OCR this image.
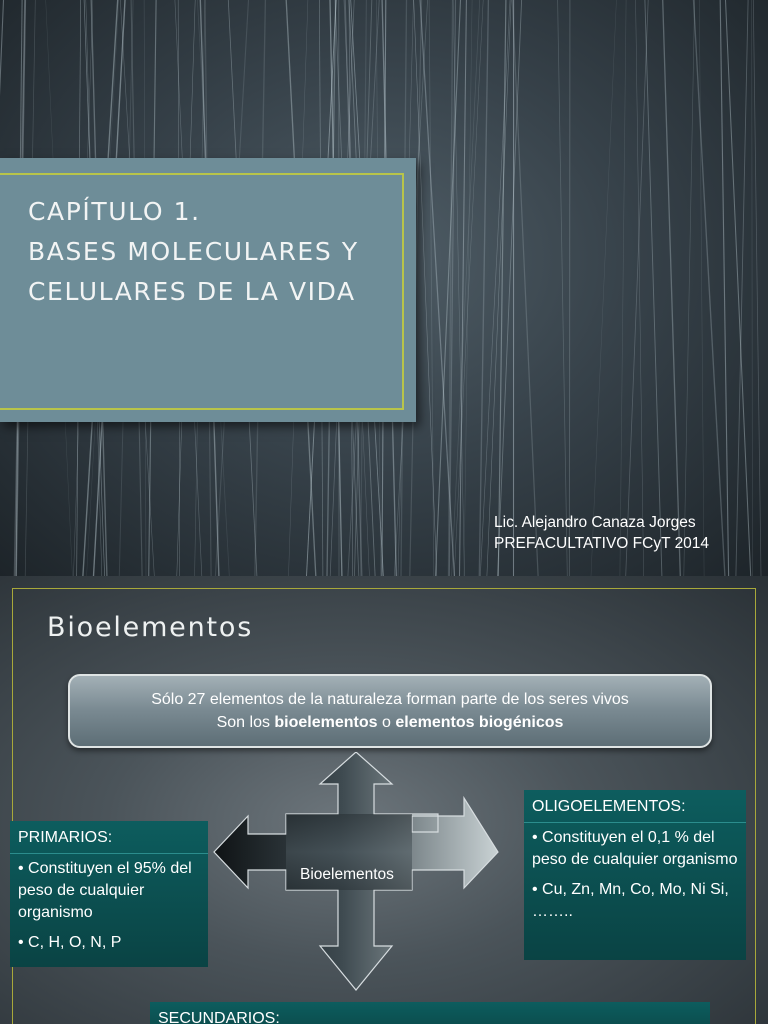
CAPÍTULO 1.
BASES MOLECULARES Y
CELULARES DE LA VIDA
Lic. Alejandro Canaza Jorges
PREFACULTATIVO FCyT 2014
Bioelementos
Sólo 27 elementos de la naturaleza forman parte de los seres vivos
Son los bioelementos o elementos biogénicos
Bioelementos
PRIMARIOS:
• Constituyen el 95% del peso de cualquier organismo
• C, H, O, N, P
OLIGOELEMENTOS:
• Constituyen el 0,1 % del peso de cualquier organismo
• Cu, Zn, Mn, Co, Mo, Ni Si, ……..
SECUNDARIOS:
